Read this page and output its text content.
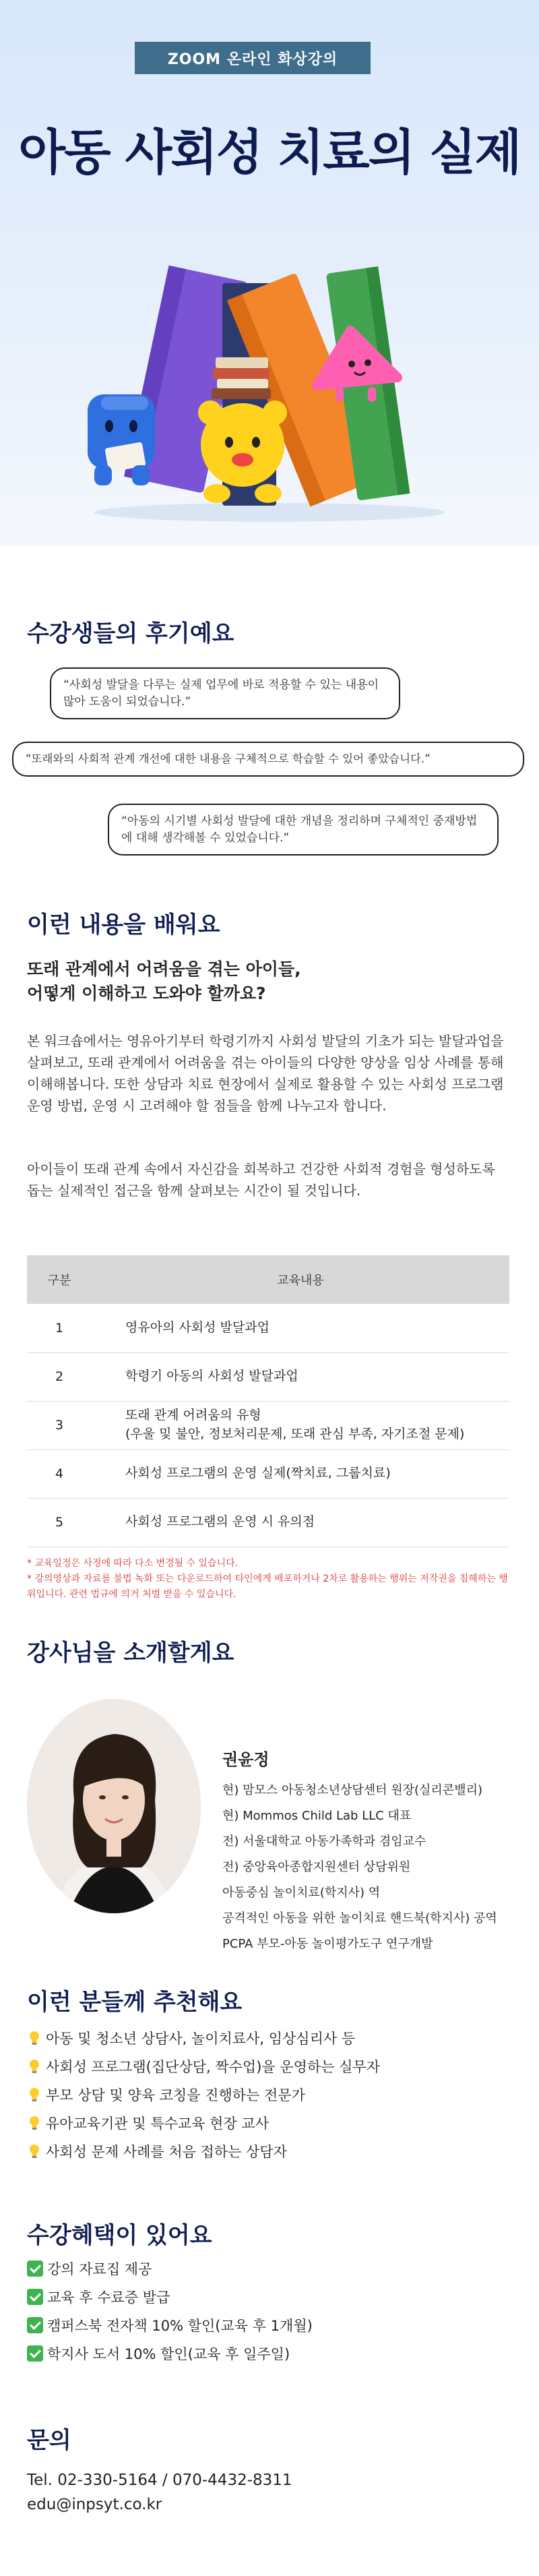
ZOOM 온라인 화상강의
아동 사회성 치료의 실제
수강생들의 후기예요
“사회성 발달을 다루는 실제 업무에 바로 적용할 수 있는 내용이 많아 도움이 되었습니다.”
“또래와의 사회적 관계 개선에 대한 내용을 구체적으로 학습할 수 있어 좋았습니다.”
“아동의 시기별 사회성 발달에 대한 개념을 정리하며 구체적인 중재방법에 대해 생각해볼 수 있었습니다.”
이런 내용을 배워요
또래 관계에서 어려움을 겪는 아이들,
어떻게 이해하고 도와야 할까요?
본 워크숍에서는 영유아기부터 학령기까지 사회성 발달의 기초가 되는 발달과업을 살펴보고, 또래 관계에서 어려움을 겪는 아이들의 다양한 양상을 임상 사례를 통해 이해해봅니다. 또한 상담과 치료 현장에서 실제로 활용할 수 있는 사회성 프로그램 운영 방법, 운영 시 고려해야 할 점들을 함께 나누고자 합니다.
아이들이 또래 관계 속에서 자신감을 회복하고 건강한 사회적 경험을 형성하도록 돕는 실제적인 접근을 함께 살펴보는 시간이 될 것입니다.
구분	교육내용
1	영유아의 사회성 발달과업

2	학령기 아동의 사회성 발달과업

3	또래 관계 어려움의 유형
(우울 및 불안, 정보처리문제, 또래 관심 부족, 자기조절 문제)

4	사회성 프로그램의 운영 실제(짝치료, 그룹치료)

5	사회성 프로그램의 운영 시 유의점
* 교육일정은 사정에 따라 다소 변경될 수 있습니다.
* 강의영상과 자료를 불법 녹화 또는 다운로드하여 타인에게 배포하거나 2차로 활용하는 행위는 저작권을 침해하는 행위입니다. 관련 법규에 의거 처벌 받을 수 있습니다.
강사님을 소개할게요
권윤정
현) 맘모스 아동청소년상담센터 원장(실리콘밸리)
현) Mommos Child Lab LLC 대표
전) 서울대학교 아동가족학과 겸임교수
전) 중앙육아종합지원센터 상담위원
아동중심 놀이치료(학지사) 역
공격적인 아동을 위한 놀이치료 핸드북(학지사) 공역
PCPA 부모-아동 놀이평가도구 연구개발
이런 분들께 추천해요
아동 및 청소년 상담사, 놀이치료사, 임상심리사 등
사회성 프로그램(집단상담, 짝수업)을 운영하는 실무자
부모 상담 및 양육 코칭을 진행하는 전문가
유아교육기관 및 특수교육 현장 교사
사회성 문제 사례를 처음 접하는 상담자
수강혜택이 있어요
강의 자료집 제공
교육 후 수료증 발급
캠퍼스북 전자책 10% 할인(교육 후 1개월)
학지사 도서 10% 할인(교육 후 일주일)
문의
Tel. 02-330-5164 / 070-4432-8311
edu@inpsyt.co.kr
